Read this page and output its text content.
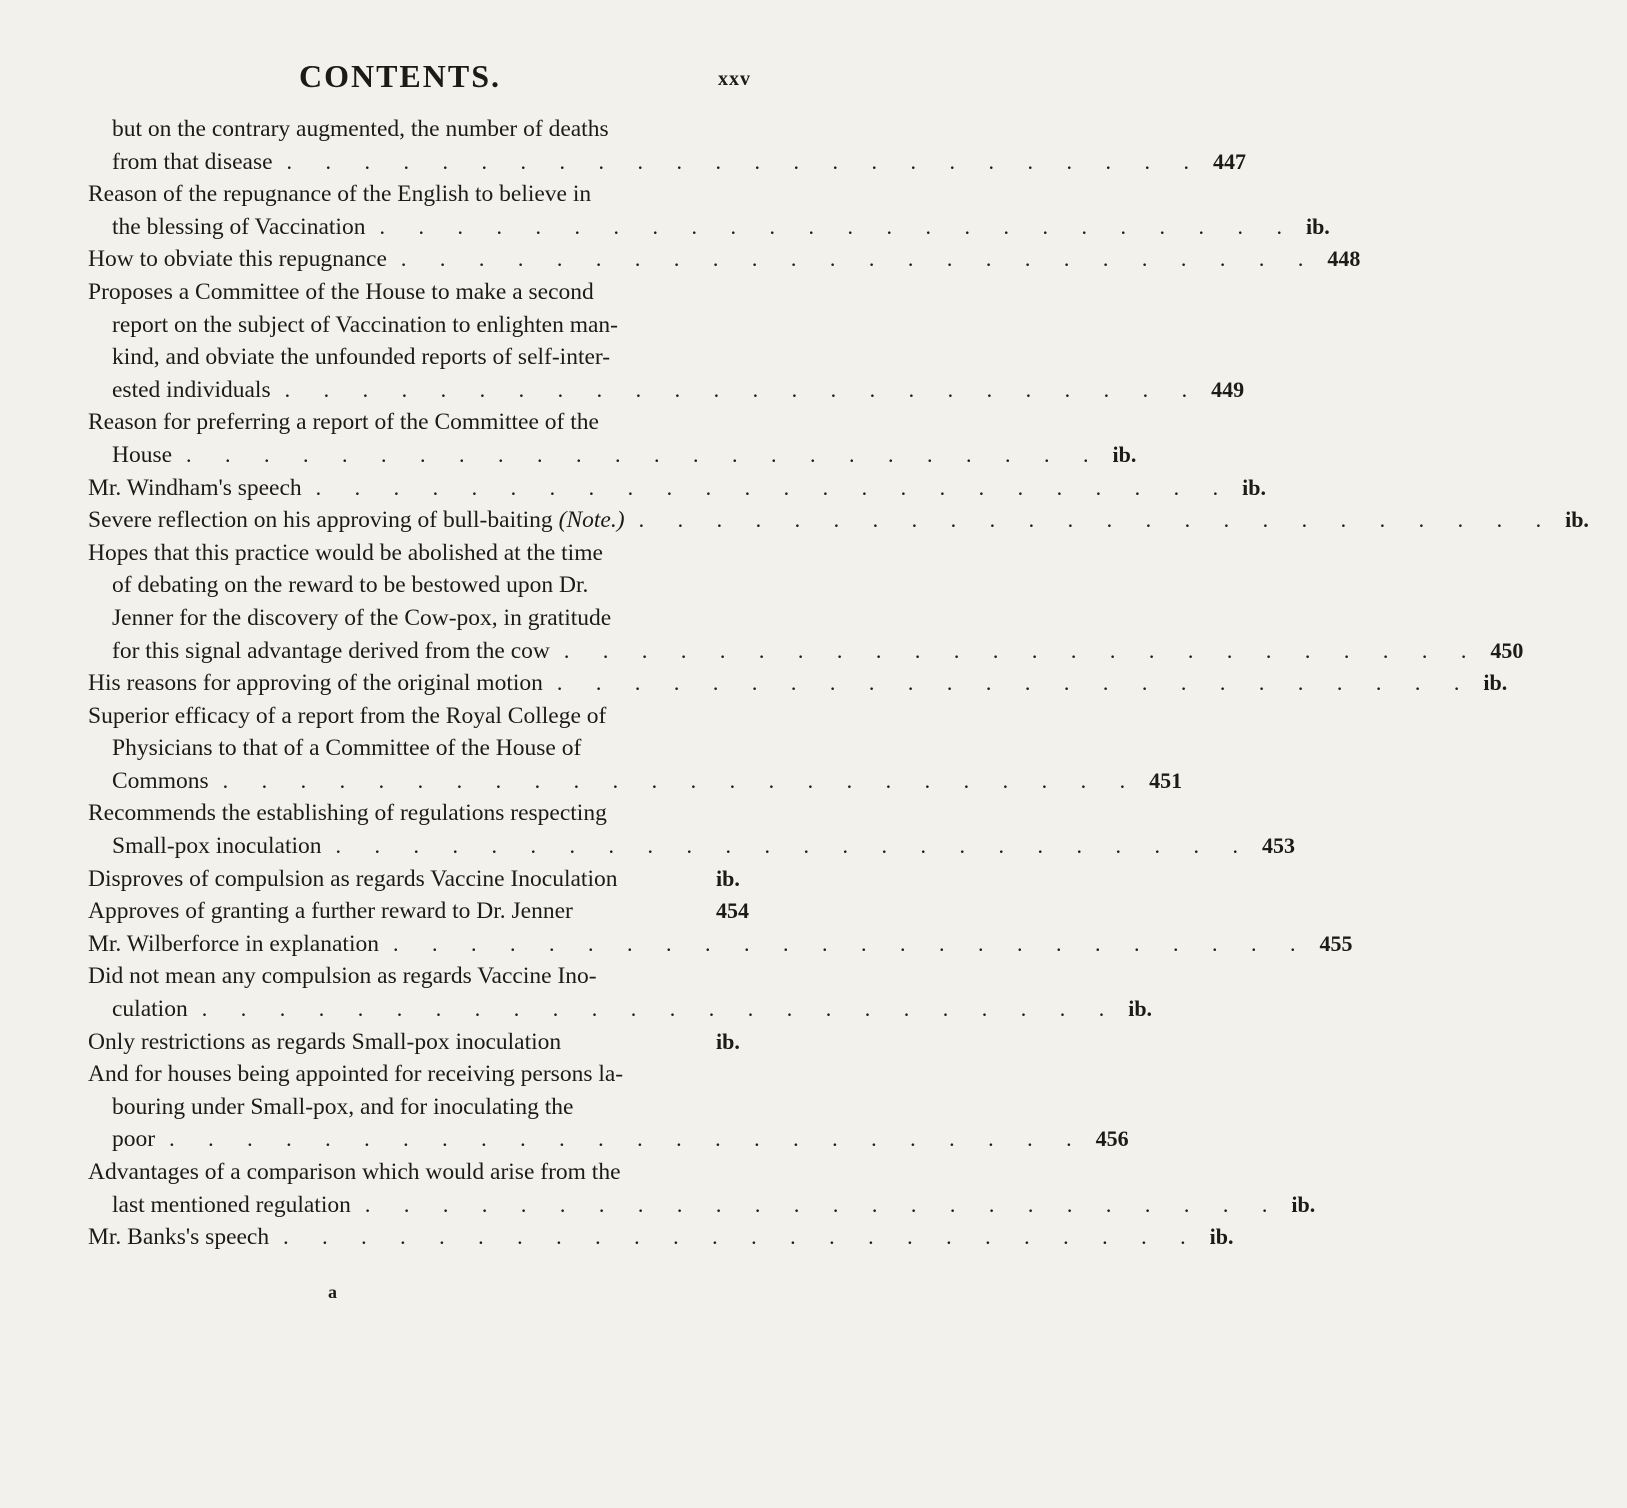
CONTENTS.	xxv
but on the contrary augmented, the number of deaths
from that disease . . . . . . . . . . . . . . . . . . . . . . . . 447
Reason of the repugnance of the English to believe in
the blessing of Vaccination . . . . . . . . . . . . . . . . . . . . . . . . ib.
How to obviate this repugnance . . . . . . . . . . . . . . . . . . . . . . . . 448
Proposes a Committee of the House to make a second
report on the subject of Vaccination to enlighten man-
kind, and obviate the unfounded reports of self-inter-
ested individuals . . . . . . . . . . . . . . . . . . . . . . . . 449
Reason for preferring a report of the Committee of the
House . . . . . . . . . . . . . . . . . . . . . . . . ib.
Mr. Windham's speech . . . . . . . . . . . . . . . . . . . . . . . . ib.
Severe reflection on his approving of bull-baiting (Note.) . . . . . . . . . . . . . . . . . . . . . . . . ib.
Hopes that this practice would be abolished at the time
of debating on the reward to be bestowed upon Dr.
Jenner for the discovery of the Cow-pox, in gratitude
for this signal advantage derived from the cow . . . . . . . . . . . . . . . . . . . . . . . . 450
His reasons for approving of the original motion . . . . . . . . . . . . . . . . . . . . . . . . ib.
Superior efficacy of a report from the Royal College of
Physicians to that of a Committee of the House of
Commons . . . . . . . . . . . . . . . . . . . . . . . . 451
Recommends the establishing of regulations respecting
Small-pox inoculation . . . . . . . . . . . . . . . . . . . . . . . . 453
Disproves of compulsion as regards Vaccine Inoculation	ib.
Approves of granting a further reward to Dr. Jenner	454
Mr. Wilberforce in explanation . . . . . . . . . . . . . . . . . . . . . . . . 455
Did not mean any compulsion as regards Vaccine Ino-
culation . . . . . . . . . . . . . . . . . . . . . . . . ib.
Only restrictions as regards Small-pox inoculation	ib.
And for houses being appointed for receiving persons la-
bouring under Small-pox, and for inoculating the
poor . . . . . . . . . . . . . . . . . . . . . . . . 456
Advantages of a comparison which would arise from the
last mentioned regulation . . . . . . . . . . . . . . . . . . . . . . . . ib.
Mr. Banks's speech . . . . . . . . . . . . . . . . . . . . . . . . ib.
a
